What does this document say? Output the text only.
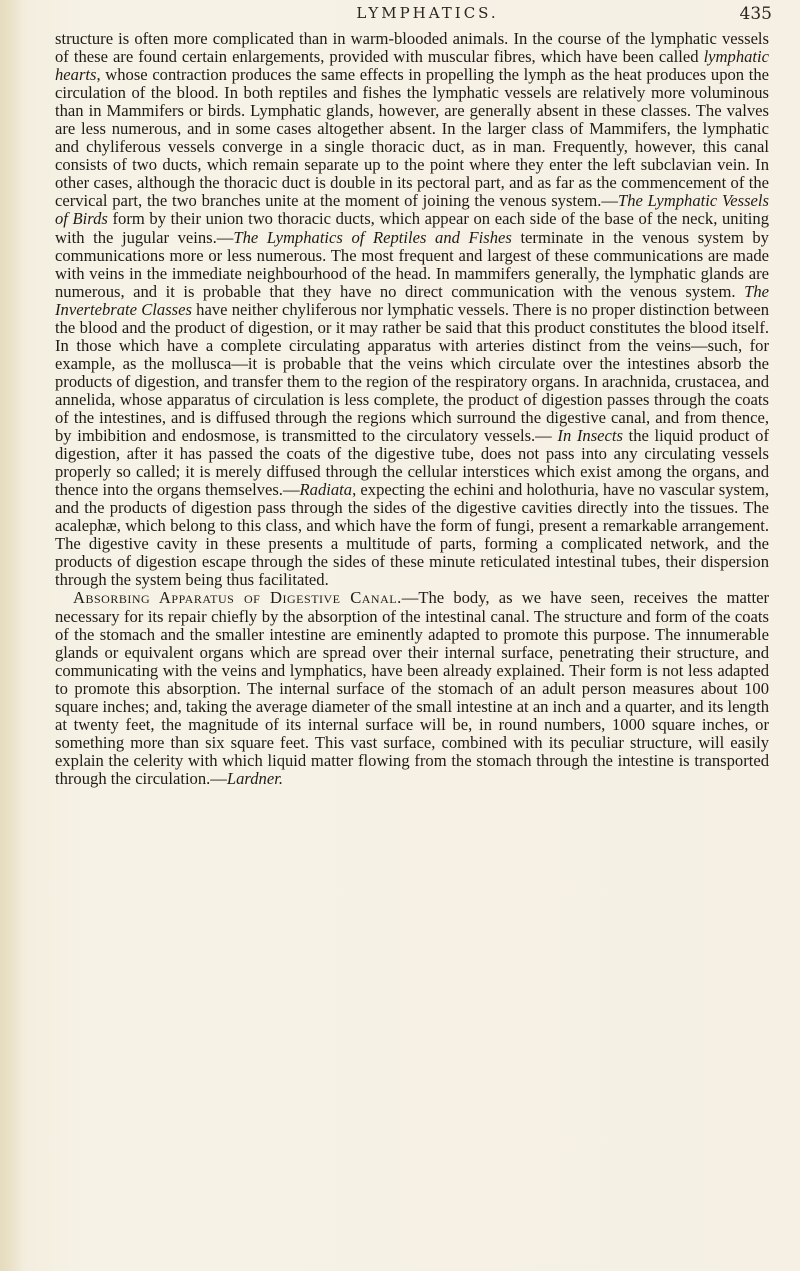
LYMPHATICS.	435

structure is often more complicated than in warm-blooded animals. In the course of the lymphatic vessels of these are found certain enlargements, provided with muscular fibres, which have been called lymphatic hearts, whose contraction produces the same effects in propelling the lymph as the heat produces upon the circulation of the blood. In both reptiles and fishes the lymphatic vessels are relatively more voluminous than in Mammifers or birds. Lymphatic glands, however, are generally absent in these classes. The valves are less numerous, and in some cases altogether absent. In the larger class of Mammifers, the lymphatic and chyliferous vessels converge in a single thoracic duct, as in man. Frequently, however, this canal consists of two ducts, which remain separate up to the point where they enter the left subclavian vein. In other cases, although the thoracic duct is double in its pectoral part, and as far as the commencement of the cervical part, the two branches unite at the moment of joining the venous system.—The Lymphatic Vessels of Birds form by their union two thoracic ducts, which appear on each side of the base of the neck, uniting with the jugular veins.—The Lymphatics of Reptiles and Fishes terminate in the venous system by communications more or less numerous. The most frequent and largest of these communications are made with veins in the immediate neighbourhood of the head. In mammifers generally, the lymphatic glands are numerous, and it is probable that they have no direct communication with the venous system. The Invertebrate Classes have neither chyliferous nor lymphatic vessels. There is no proper distinction between the blood and the product of digestion, or it may rather be said that this product constitutes the blood itself. In those which have a complete circulating apparatus with arteries distinct from the veins—such, for example, as the mollusca—it is probable that the veins which circulate over the intestines absorb the products of digestion, and transfer them to the region of the respiratory organs. In arachnida, crustacea, and annelida, whose apparatus of circulation is less complete, the product of digestion passes through the coats of the intestines, and is diffused through the regions which surround the digestive canal, and from thence, by imbibition and endosmose, is transmitted to the circulatory vessels.— In Insects the liquid product of digestion, after it has passed the coats of the digestive tube, does not pass into any circulating vessels properly so called; it is merely diffused through the cellular interstices which exist among the organs, and thence into the organs themselves.—Radiata, expecting the echini and holothuria, have no vascular system, and the products of digestion pass through the sides of the digestive cavities directly into the tissues. The acalephæ, which belong to this class, and which have the form of fungi, present a remarkable arrangement. The digestive cavity in these presents a multitude of parts, forming a complicated network, and the products of digestion escape through the sides of these minute reticulated intestinal tubes, their dispersion through the system being thus facilitated.

Absorbing Apparatus of Digestive Canal.—The body, as we have seen, receives the matter necessary for its repair chiefly by the absorption of the intestinal canal. The structure and form of the coats of the stomach and the smaller intestine are eminently adapted to promote this purpose. The innumerable glands or equivalent organs which are spread over their internal surface, penetrating their structure, and communicating with the veins and lymphatics, have been already explained. Their form is not less adapted to promote this absorption. The internal surface of the stomach of an adult person measures about 100 square inches; and, taking the average diameter of the small intestine at an inch and a quarter, and its length at twenty feet, the magnitude of its internal surface will be, in round numbers, 1000 square inches, or something more than six square feet. This vast surface, combined with its peculiar structure, will easily explain the celerity with which liquid matter flowing from the stomach through the intestine is transported through the circulation.—Lardner.
